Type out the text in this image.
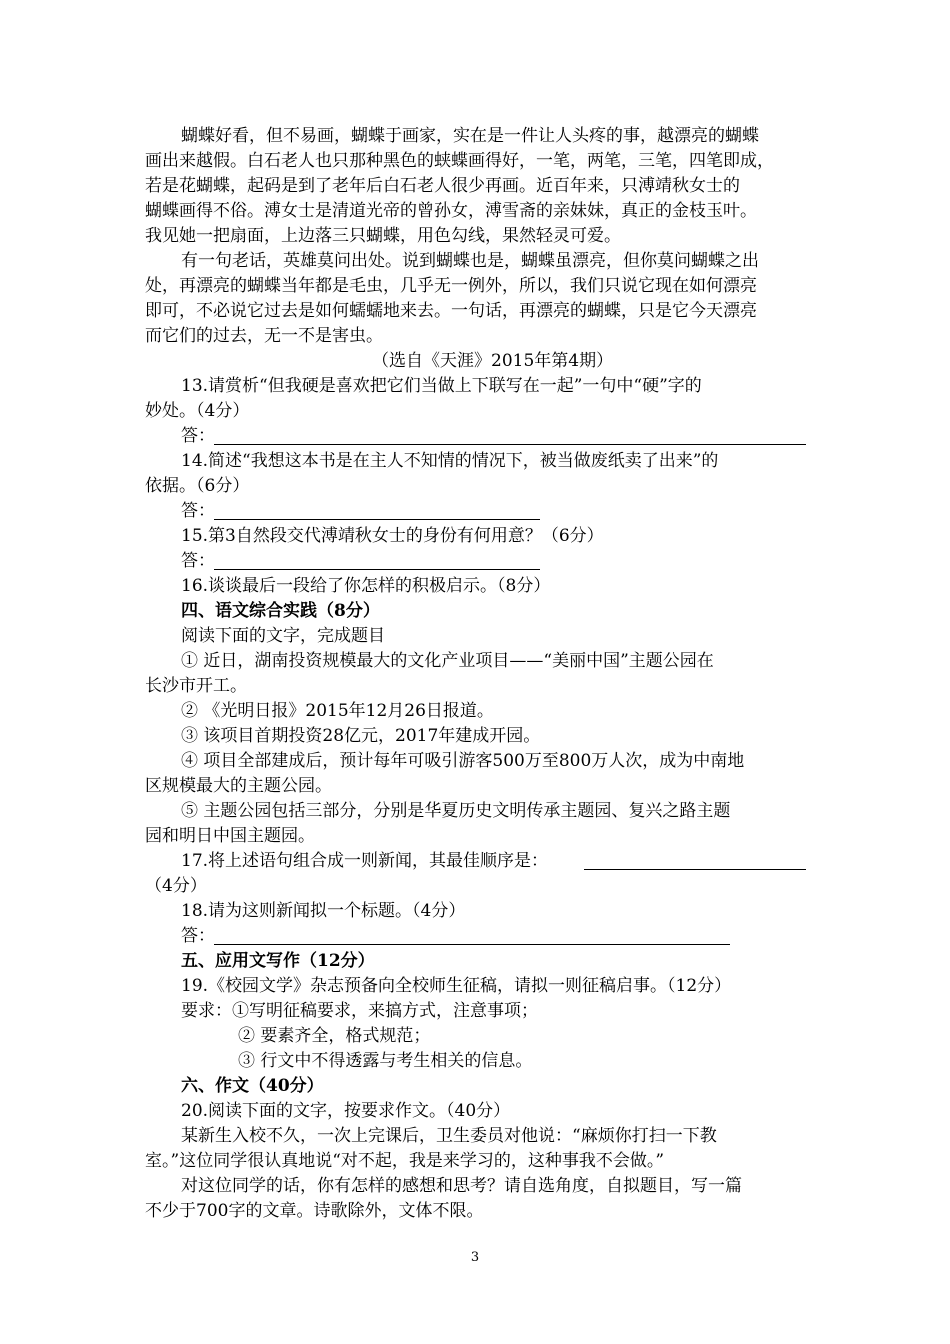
蝴蝶好看，但不易画，蝴蝶于画家，实在是一件让人头疼的事，越漂亮的蝴蝶
画出来越假。白石老人也只那种黑色的蛱蝶画得好，一笔，两笔，三笔，四笔即成，
若是花蝴蝶，起码是到了老年后白石老人很少再画。近百年来，只溥靖秋女士的
蝴蝶画得不俗。溥女士是清道光帝的曾孙女，溥雪斋的亲妹妹，真正的金枝玉叶。
我见她一把扇面，上边落三只蝴蝶，用色勾线，果然轻灵可爱。
有一句老话，英雄莫问出处。说到蝴蝶也是，蝴蝶虽漂亮，但你莫问蝴蝶之出
处，再漂亮的蝴蝶当年都是毛虫，几乎无一例外，所以，我们只说它现在如何漂亮
即可，不必说它过去是如何蠕蠕地来去。一句话，再漂亮的蝴蝶，只是它今天漂亮
而它们的过去，无一不是害虫。
（选自《天涯》2015年第4期）
13.请赏析“但我硬是喜欢把它们当做上下联写在一起”一句中“硬”字的
妙处。（4分）
答：
14.简述“我想这本书是在主人不知情的情况下，被当做废纸卖了出来”的
依据。（6分）
答：
15.第3自然段交代溥靖秋女士的身份有何用意？（6分）
答：
16.谈谈最后一段给了你怎样的积极启示。（8分）
四、语文综合实践（8分）
阅读下面的文字，完成题目
① 近日，湖南投资规模最大的文化产业项目——“美丽中国”主题公园在
长沙市开工。
② 《光明日报》2015年12月26日报道。
③ 该项目首期投资28亿元，2017年建成开园。
④ 项目全部建成后，预计每年可吸引游客500万至800万人次，成为中南地
区规模最大的主题公园。
⑤ 主题公园包括三部分，分别是华夏历史文明传承主题园、复兴之路主题
园和明日中国主题园。
17.将上述语句组合成一则新闻，其最佳顺序是：
（4分）
18.请为这则新闻拟一个标题。（4分）
答：
五、应用文写作（12分）
19.《校园文学》杂志预备向全校师生征稿，请拟一则征稿启事。（12分）
要求：①写明征稿要求，来搞方式，注意事项；
② 要素齐全，格式规范；
③ 行文中不得透露与考生相关的信息。
六、作文（40分）
20.阅读下面的文字，按要求作文。（40分）
某新生入校不久，一次上完课后，卫生委员对他说：“麻烦你打扫一下教
室。”这位同学很认真地说“对不起，我是来学习的，这种事我不会做。”
对这位同学的话，你有怎样的感想和思考？请自选角度，自拟题目，写一篇
不少于700字的文章。诗歌除外，文体不限。
3
